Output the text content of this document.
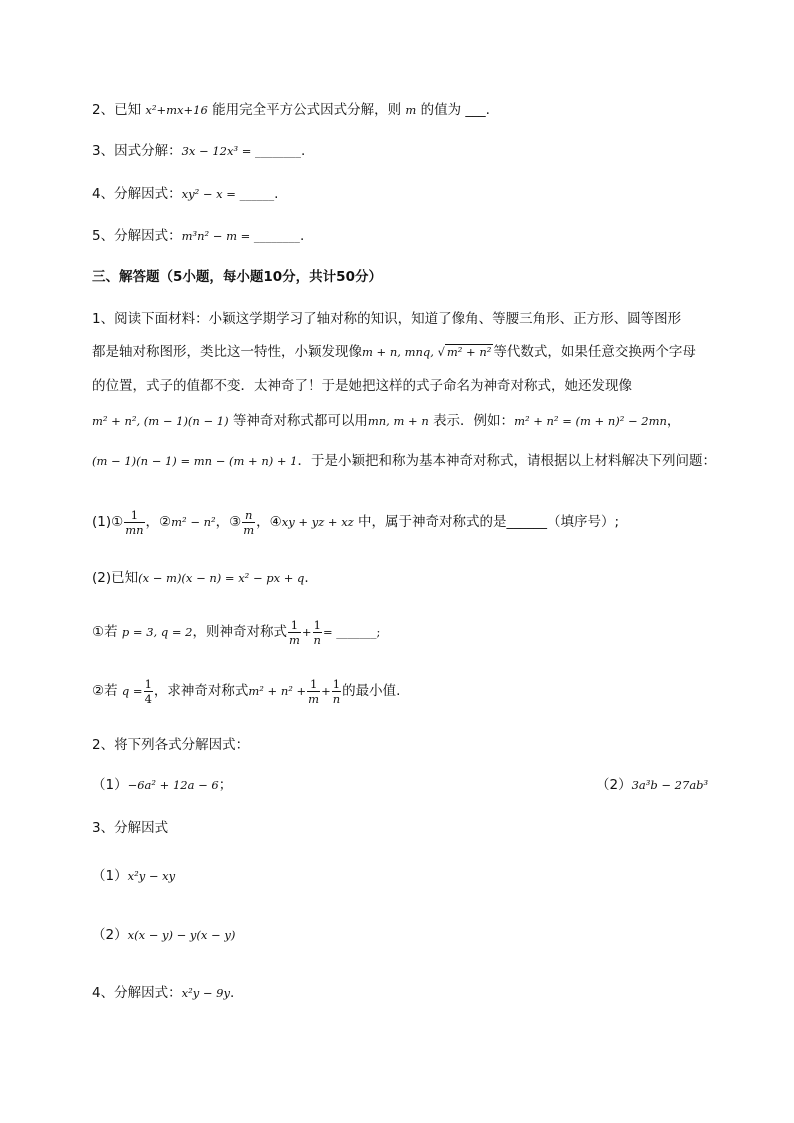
2、已知 x²+mx+16 能用完全平方公式因式分解，则 m 的值为 ___.
3、因式分解：3x − 12x³ = ________.
4、分解因式：xy² − x = ______.
5、分解因式：m³n² − m = ________.
三、解答题（5小题，每小题10分，共计50分）
1、阅读下面材料：小颖这学期学习了轴对称的知识，知道了像角、等腰三角形、正方形、圆等图形
都是轴对称图形，类比这一特性，小颖发现像m + n, mnq, √ m² + n² 等代数式，如果任意交换两个字母
的位置，式子的值都不变．太神奇了！于是她把这样的式子命名为神奇对称式，她还发现像
m² + n², (m − 1)(n − 1) 等神奇对称式都可以用mn, m + n 表示．例如：m² + n² = (m + n)² − 2mn，
(m − 1)(n − 1) = mn − (m + n) + 1．于是小颖把和称为基本神奇对称式，请根据以上材料解决下列问题：
(1)① $\frac{1}{mn}$ ，②m² − n²，③ $\frac{n}{m}$ ，④xy + yz + xz 中，属于神奇对称式的是______（填序号）;
(2)已知(x − m)(x − n) = x² − px + q.
①若 p = 3, q = 2，则神奇对称式 $\frac{1}{m} + \frac{1}{n}$ = _______;
②若 $q = \frac{1}{4}$ ，求神奇对称式$m^2 + n^2 + \frac{1}{m} + \frac{1}{n}$ 的最小值.
2、将下列各式分解因式：
（1）−6a² + 12a − 6；	（2）3a³b − 27ab³
3、分解因式
（1）x²y − xy
（2）x(x − y) − y(x − y)
4、分解因式：x²y − 9y.
